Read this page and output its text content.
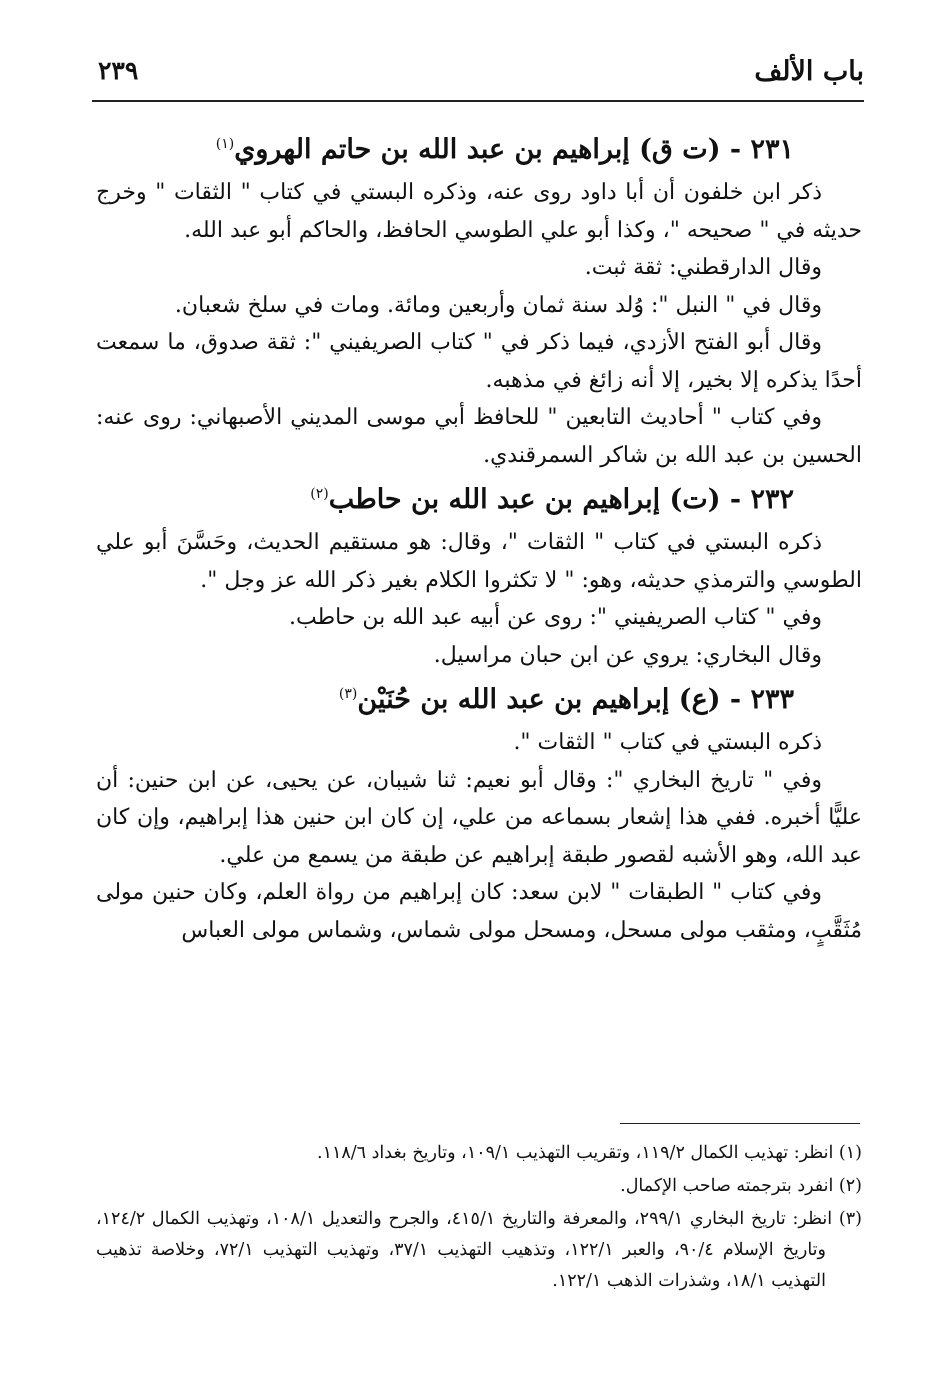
باب الألف
٢٣٩
٢٣١ - (ت ق) إبراهيم بن عبد الله بن حاتم الهروي$^{(١)}$

ذكر ابن خلفون أن أبا داود روى عنه، وذكره البستي في كتاب " الثقات " وخرج حديثه في " صحيحه "، وكذا أبو علي الطوسي الحافظ، والحاكم أبو عبد الله.

وقال الدارقطني: ثقة ثبت.

وقال في " النبل ": وُلد سنة ثمان وأربعين ومائة. ومات في سلخ شعبان.

وقال أبو الفتح الأزدي، فيما ذكر في " كتاب الصريفيني ": ثقة صدوق، ما سمعت أحدًا يذكره إلا بخير، إلا أنه زائغ في مذهبه.

وفي كتاب " أحاديث التابعين " للحافظ أبي موسى المديني الأصبهاني: روى عنه: الحسين بن عبد الله بن شاكر السمرقندي.

٢٣٢ - (ت) إبراهيم بن عبد الله بن حاطب$^{(٢)}$

ذكره البستي في كتاب " الثقات "، وقال: هو مستقيم الحديث، وحَسَّنَ أبو علي الطوسي والترمذي حديثه، وهو: " لا تكثروا الكلام بغير ذكر الله عز وجل ".

وفي " كتاب الصريفيني ": روى عن أبيه عبد الله بن حاطب.

وقال البخاري: يروي عن ابن حبان مراسيل.

٢٣٣ - (ع) إبراهيم بن عبد الله بن حُنَيْن$^{(٣)}$

ذكره البستي في كتاب " الثقات ".

وفي " تاريخ البخاري ": وقال أبو نعيم: ثنا شيبان، عن يحيى، عن ابن حنين: أن عليًّا أخبره. ففي هذا إشعار بسماعه من علي، إن كان ابن حنين هذا إبراهيم، وإن كان عبد الله، وهو الأشبه لقصور طبقة إبراهيم عن طبقة من يسمع من علي.

وفي كتاب " الطبقات " لابن سعد: كان إبراهيم من رواة العلم، وكان حنين مولى مُثَقَّبٍ، ومثقب مولى مسحل، ومسحل مولى شماس، وشماس مولى العباس

(١) انظر: تهذيب الكمال ١١٩/٢، وتقريب التهذيب ١٠٩/١، وتاريخ بغداد ١١٨/٦.

(٢) انفرد بترجمته صاحب الإكمال.

(٣) انظر: تاريخ البخاري ٢٩٩/١، والمعرفة والتاريخ ٤١٥/١، والجرح والتعديل ١٠٨/١، وتهذيب الكمال ١٢٤/٢، وتاريخ الإسلام ٩٠/٤، والعبر ١٢٢/١، وتذهيب التهذيب ٣٧/١، وتهذيب التهذيب ٧٢/١، وخلاصة تذهيب التهذيب ١٨/١، وشذرات الذهب ١٢٢/١.
